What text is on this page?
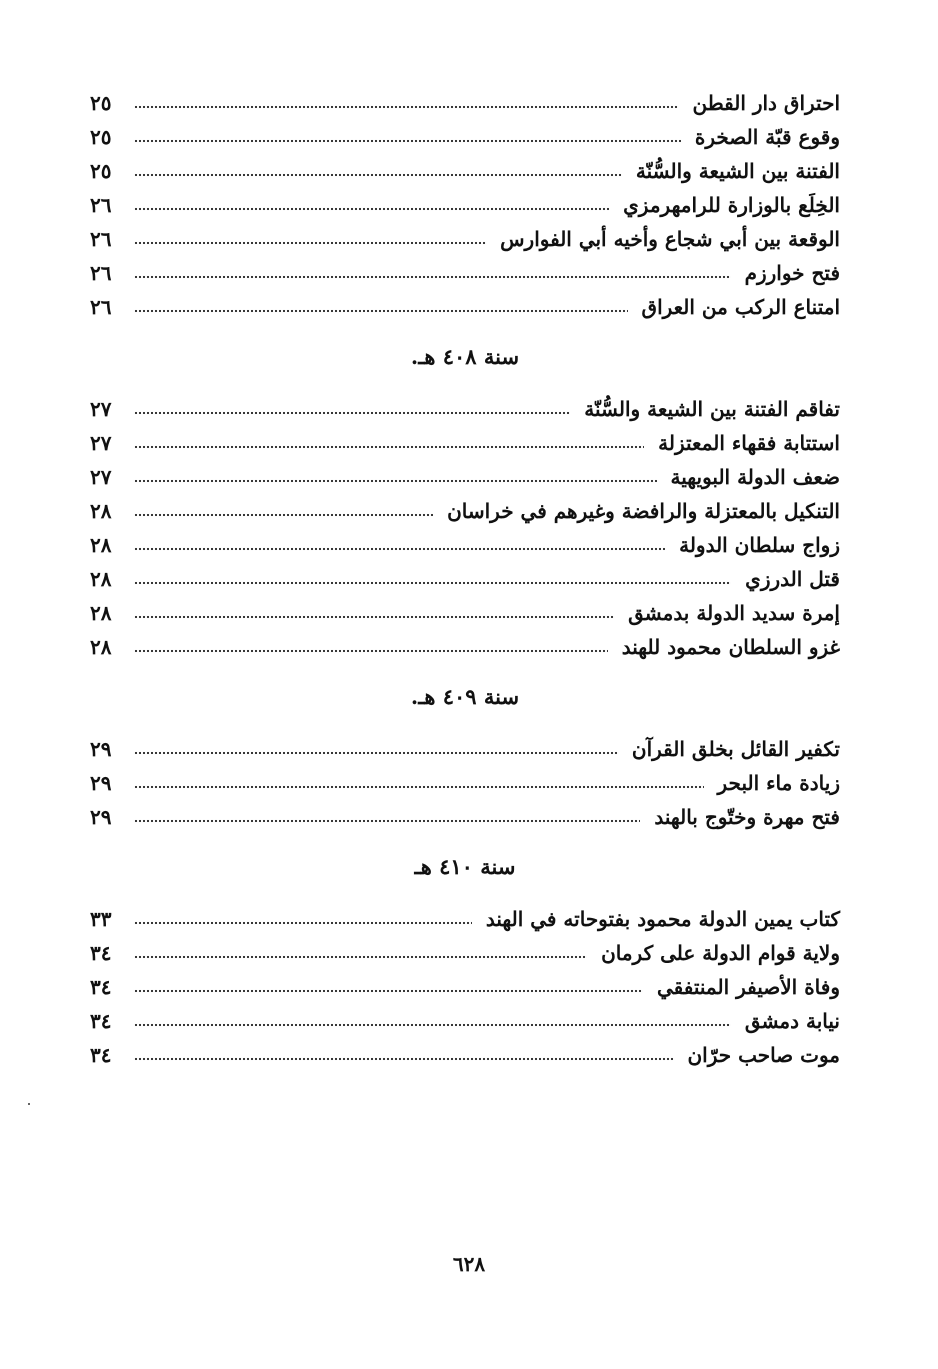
احتراق دار القطن
٢٥
وقوع قبّة الصخرة
٢٥
الفتنة بين الشيعة والسُّنّة
٢٥
الخِلَع بالوزارة للرامهرمزي
٢٦
الوقعة بين أبي شجاع وأخيه أبي الفوارس
٢٦
فتح خوارزم
٢٦
امتناع الركب من العراق
٢٦
سنة ٤٠٨ هـ.
تفاقم الفتنة بين الشيعة والسُّنّة
٢٧
استتابة فقهاء المعتزلة
٢٧
ضعف الدولة البويهية
٢٧
التنكيل بالمعتزلة والرافضة وغيرهم في خراسان
٢٨
زواج سلطان الدولة
٢٨
قتل الدرزي
٢٨
إمرة سديد الدولة بدمشق
٢٨
غزو السلطان محمود للهند
٢٨
سنة ٤٠٩ هـ.
تكفير القائل بخلق القرآن
٢٩
زيادة ماء البحر
٢٩
فتح مهرة وختّوج بالهند
٢٩
سنة ٤١٠ هـ
كتاب يمين الدولة محمود بفتوحاته في الهند
٣٣
ولاية قوام الدولة على كرمان
٣٤
وفاة الأصيفر المنتفقي
٣٤
نيابة دمشق
٣٤
موت صاحب حرّان
٣٤
٦٢٨
